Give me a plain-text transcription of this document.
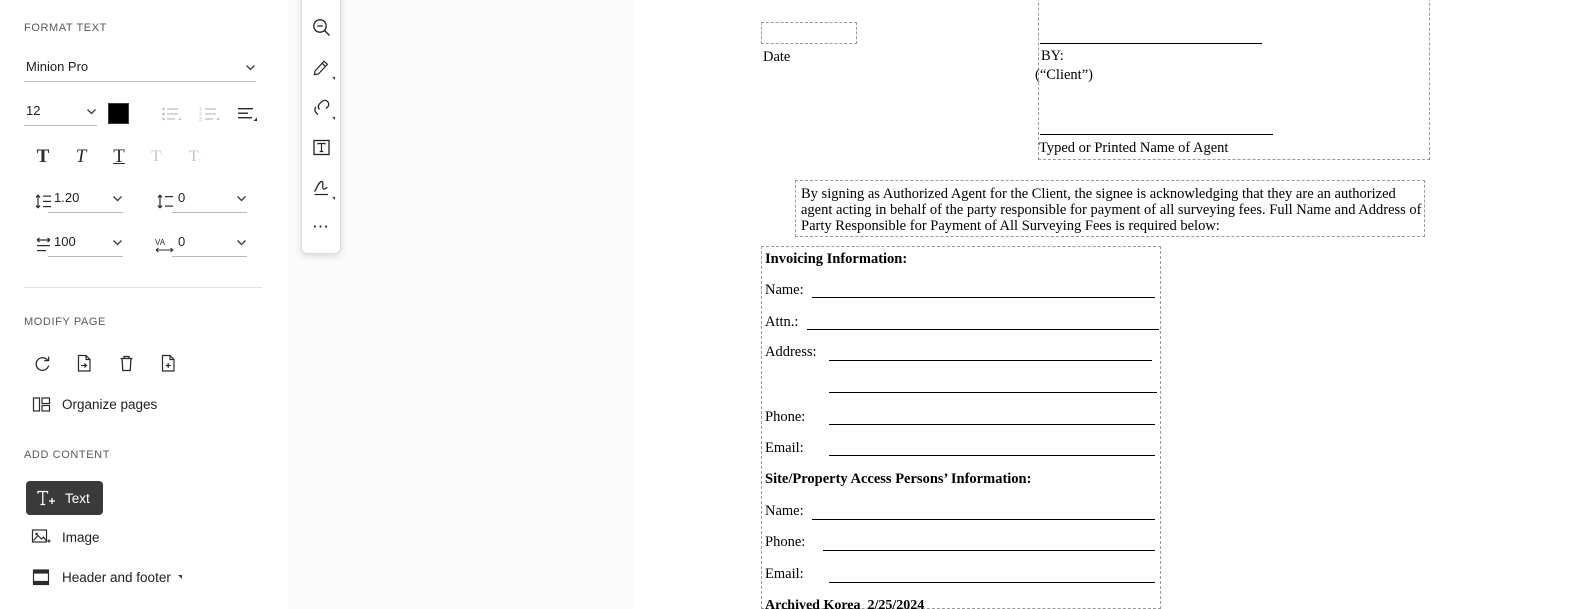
FORMAT TEXT
Minion Pro
12	1
2
3
T T T T ' T ,
1.20	0
100	VA 0
MODIFY PAGE
Organize pages
ADD CONTENT
Text
Image
Header and footer
⋯
Date	BY:
(“Client”)
Typed or Printed Name of Agent
By signing as Authorized Agent for the Client, the signee is acknowledging that they are an authorized agent acting in behalf of the party responsible for payment of all surveying fees. Full Name and Address of Party Responsible for Payment of All Surveying Fees is required below:
Invoicing Information:
Name:
Attn.:
Address:
Phone:
Email:
Site/Property Access Persons’ Information:
Name:
Phone:
Email:
Archived Korea  2/25/2024
